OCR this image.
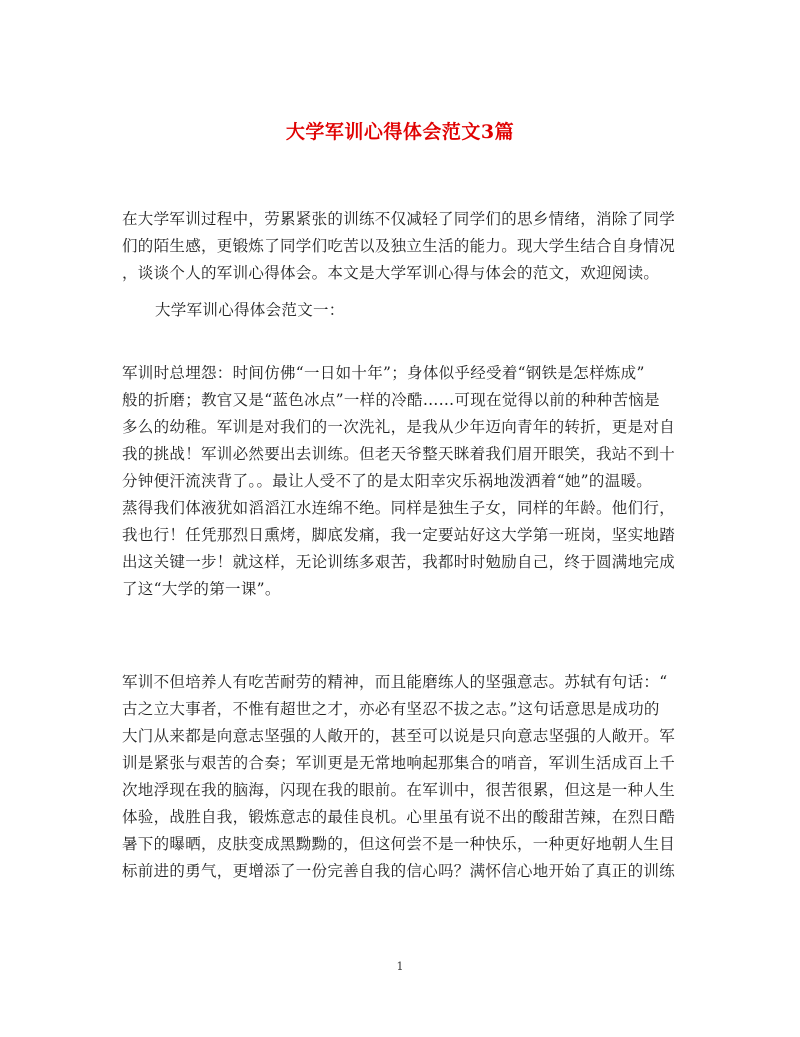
大学军训心得体会范文3篇
在大学军训过程中，劳累紧张的训练不仅减轻了同学们的思乡情绪，消除了同学
们的陌生感，更锻炼了同学们吃苦以及独立生活的能力。现大学生结合自身情况
，谈谈个人的军训心得体会。本文是大学军训心得与体会的范文，欢迎阅读。
大学军训心得体会范文一：
军训时总埋怨：时间仿佛“一日如十年”；身体似乎经受着“钢铁是怎样炼成”
般的折磨；教官又是“蓝色冰点”一样的冷酷……可现在觉得以前的种种苦恼是
多么的幼稚。军训是对我们的一次洗礼，是我从少年迈向青年的转折，更是对自
我的挑战！军训必然要出去训练。但老天爷整天眯着我们眉开眼笑，我站不到十
分钟便汗流浃背了。。最让人受不了的是太阳幸灾乐祸地泼洒着“她”的温暖。
蒸得我们体液犹如滔滔江水连绵不绝。同样是独生子女，同样的年龄。他们行，
我也行！任凭那烈日熏烤，脚底发痛，我一定要站好这大学第一班岗，坚实地踏
出这关键一步！就这样，无论训练多艰苦，我都时时勉励自己，终于圆满地完成
了这“大学的第一课”。
军训不但培养人有吃苦耐劳的精神，而且能磨练人的坚强意志。苏轼有句话：“
古之立大事者，不惟有超世之才，亦必有坚忍不拔之志。”这句话意思是成功的
大门从来都是向意志坚强的人敞开的，甚至可以说是只向意志坚强的人敞开。军
训是紧张与艰苦的合奏；军训更是无常地响起那集合的哨音，军训生活成百上千
次地浮现在我的脑海，闪现在我的眼前。在军训中，很苦很累，但这是一种人生
体验，战胜自我，锻炼意志的最佳良机。心里虽有说不出的酸甜苦辣，在烈日酷
暑下的曝晒，皮肤变成黑黝黝的，但这何尝不是一种快乐，一种更好地朝人生目
标前进的勇气，更增添了一份完善自我的信心吗？满怀信心地开始了真正的训练
1
